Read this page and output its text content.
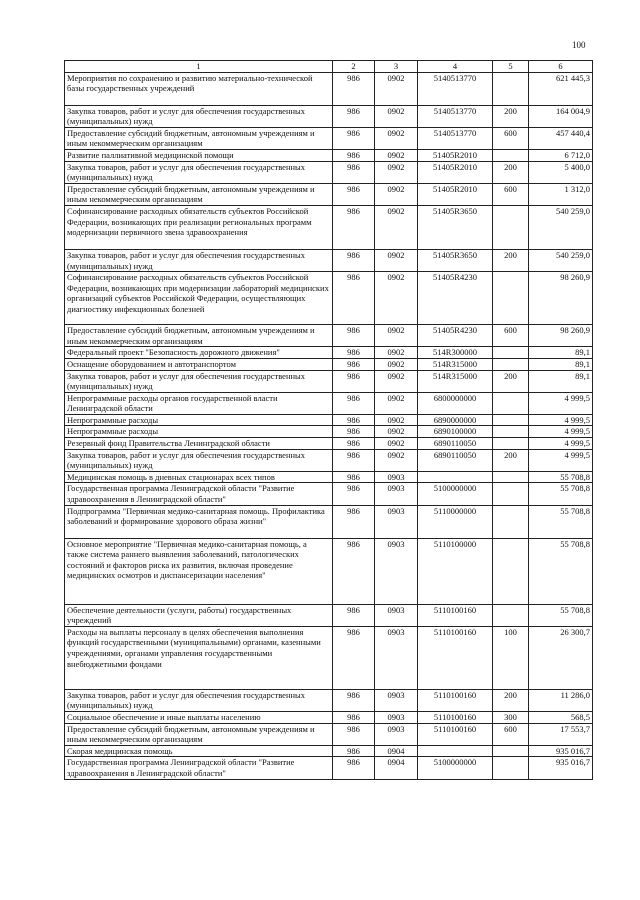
100
1	2	3	4	5	6
Мероприятия по сохранению и развитию материально-технической базы государственных учреждений	986	0902	5140513770		621 445,3
Закупка товаров, работ и услуг для обеспечения государственных (муниципальных) нужд	986	0902	5140513770	200	164 004,9
Предоставление субсидий бюджетным, автономным учреждениям и иным некоммерческим организациям	986	0902	5140513770	600	457 440,4
Развитие паллиативной медицинской помощи	986	0902	51405R2010		6 712,0
Закупка товаров, работ и услуг для обеспечения государственных (муниципальных) нужд	986	0902	51405R2010	200	5 400,0
Предоставление субсидий бюджетным, автономным учреждениям и иным некоммерческим организациям	986	0902	51405R2010	600	1 312,0
Софинансирование расходных обязательств субъектов Российской Федерации, возникающих при реализации региональных программ модернизации первичного звена здравоохранения	986	0902	51405R3650		540 259,0
Закупка товаров, работ и услуг для обеспечения государственных (муниципальных) нужд	986	0902	51405R3650	200	540 259,0
Софинансирование расходных обязательств субъектов Российской Федерации, возникающих при модернизации лабораторий медицинских организаций субъектов Российской Федерации, осуществляющих диагностику инфекционных болезней	986	0902	51405R4230		98 260,9
Предоставление субсидий бюджетным, автономным учреждениям и иным некоммерческим организациям	986	0902	51405R4230	600	98 260,9
Федеральный проект "Безопасность дорожного движения"	986	0902	514R300000		89,1
Оснащение оборудованием и автотранспортом	986	0902	514R315000		89,1
Закупка товаров, работ и услуг для обеспечения государственных (муниципальных) нужд	986	0902	514R315000	200	89,1
Непрограммные расходы органов государственной власти Ленинградской области	986	0902	6800000000		4 999,5
Непрограммные расходы	986	0902	6890000000		4 999,5
Непрограммные расходы	986	0902	6890100000		4 999,5
Резервный фонд Правительства Ленинградской области	986	0902	6890110050		4 999,5
Закупка товаров, работ и услуг для обеспечения государственных (муниципальных) нужд	986	0902	6890110050	200	4 999,5
Медицинская помощь в дневных стационарах всех типов	986	0903			55 708,8
Государственная программа Ленинградской области "Развитие здравоохранения в Ленинградской области"	986	0903	5100000000		55 708,8
Подпрограмма "Первичная медико-санитарная помощь. Профилактика заболеваний и формирование здорового образа жизни"	986	0903	5110000000		55 708,8
Основное мероприятие "Первичная медико-санитарная помощь, а также система раннего выявления заболеваний, патологических состояний и факторов риска их развития, включая проведение медицинских осмотров и диспансеризации населения"	986	0903	5110100000		55 708,8
Обеспечение деятельности (услуги, работы) государственных учреждений	986	0903	5110100160		55 708,8
Расходы на выплаты персоналу в целях обеспечения выполнения функций государственными (муниципальными) органами, казенными учреждениями, органами управления государственными внебюджетными фондами	986	0903	5110100160	100	26 300,7
Закупка товаров, работ и услуг для обеспечения государственных (муниципальных) нужд	986	0903	5110100160	200	11 286,0
Социальное обеспечение и иные выплаты населению	986	0903	5110100160	300	568,5
Предоставление субсидий бюджетным, автономным учреждениям и иным некоммерческим организациям	986	0903	5110100160	600	17 553,7
Скорая медицинская помощь	986	0904			935 016,7
Государственная программа Ленинградской области "Развитие здравоохранения в Ленинградской области"	986	0904	5100000000		935 016,7
